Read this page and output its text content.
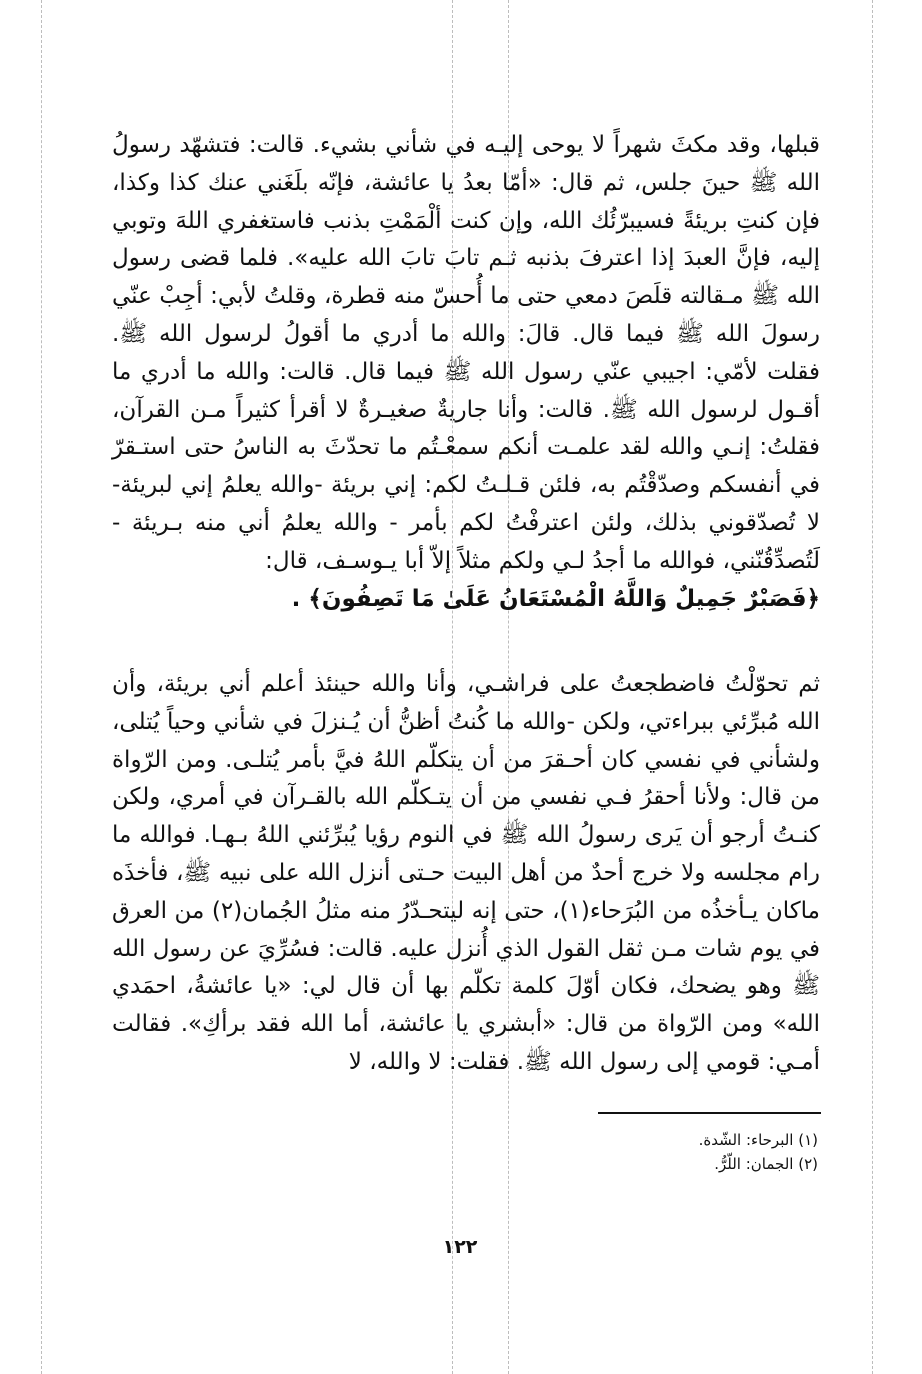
قبلها، وقد مكثَ شهراً لا يوحى إليـه في شأني بشيء. قالت: فتشهّد رسولُ الله ﷺ حينَ جلس، ثم قال: «أمّا بعدُ يا عائشة، فإنّه بلَغَني عنك كذا وكذا، فإن كنتِ بريئةً فسيبرّئُك الله، وإن كنت ألْمَمْتِ بذنب فاستغفري اللهَ وتوبي إليه، فإنَّ العبدَ إذا اعترفَ بذنبه ثـم تابَ تابَ الله عليه». فلما قضى رسول الله ﷺ مـقالته قلَصَ دمعي حتى ما أُحسّ منه قطرة، وقلتُ لأبي: أجِبْ عنّي رسولَ الله ﷺ فيما قال. قالَ: والله ما أدري ما أقولُ لرسول الله ﷺ. فقلت لأمّي: اجيبي عنّي رسول الله ﷺ فيما قال. قالت: والله ما أدري ما أقـول لرسول الله ﷺ. قالت: وأنا جاريةٌ صغيـرةٌ لا أقرأ كثيراً مـن القرآن، فقلتُ: إنـي والله لقد علمـت أنكم سمعْـتُم ما تحدّثَ به الناسُ حتى استـقرّ في أنفسكم وصدّقْتُم به، فلئن قـلـتُ لكم: إني بريئة -والله يعلمُ إني لبريئة- لا تُصدّقوني بذلك، ولئن اعترفْتُ لكم بأمر - والله يعلمُ أني منه بـريئة - لَتُصدِّقُنّني، فوالله ما أجدُ لـي ولكم مثلاً إلاّ أبا يـوسـف، قال:

﴿فَصَبْرٌ جَمِيلٌ وَاللَّهُ الْمُسْتَعَانُ عَلَىٰ مَا تَصِفُونَ﴾ .

ثم تحوّلْتُ فاضطجعتُ على فراشـي، وأنا والله حينئذ أعلم أني بريئة، وأن الله مُبرِّئي ببراءتي، ولكن -والله ما كُنتُ أظنُّ أن يُـنزلَ في شأني وحياً يُتلى، ولشأني في نفسي كان أحـقرَ من أن يتكلّم اللهُ فيَّ بأمر يُتلـى. ومن الرّواة من قال: ولأنا أحقرُ فـي نفسي من أن يتـكلّم الله بالقـرآن في أمري، ولكن كنـتُ أرجو أن يَرى رسولُ الله ﷺ في النوم رؤيا يُبرِّئني اللهُ بـهـا. فوالله ما رام مجلسه ولا خرج أحدٌ من أهل البيت حـتى أنزل الله على نبيه ﷺ، فأخذَه ماكان يـأخذُه من البُرَحاء(١)، حتى إنه ليتحـدّرُ منه مثلُ الجُمان(٢) من العرق في يوم شات مـن ثقل القول الذي أُنزل عليه. قالت: فسُرِّيَ عن رسول الله ﷺ وهو يضحك، فكان أوّلَ كلمة تكلّم بها أن قال لي: «يا عائشةُ، احمَدي الله» ومن الرّواة من قال: «أبشري يا عائشة، أما الله فقد برأكِ». فقالت أمـي: قومي إلى رسول الله ﷺ. فقلت: لا والله، لا

(١) البرحاء: الشّدة.
(٢) الجمان: اللّرُّ.
١٢٢
